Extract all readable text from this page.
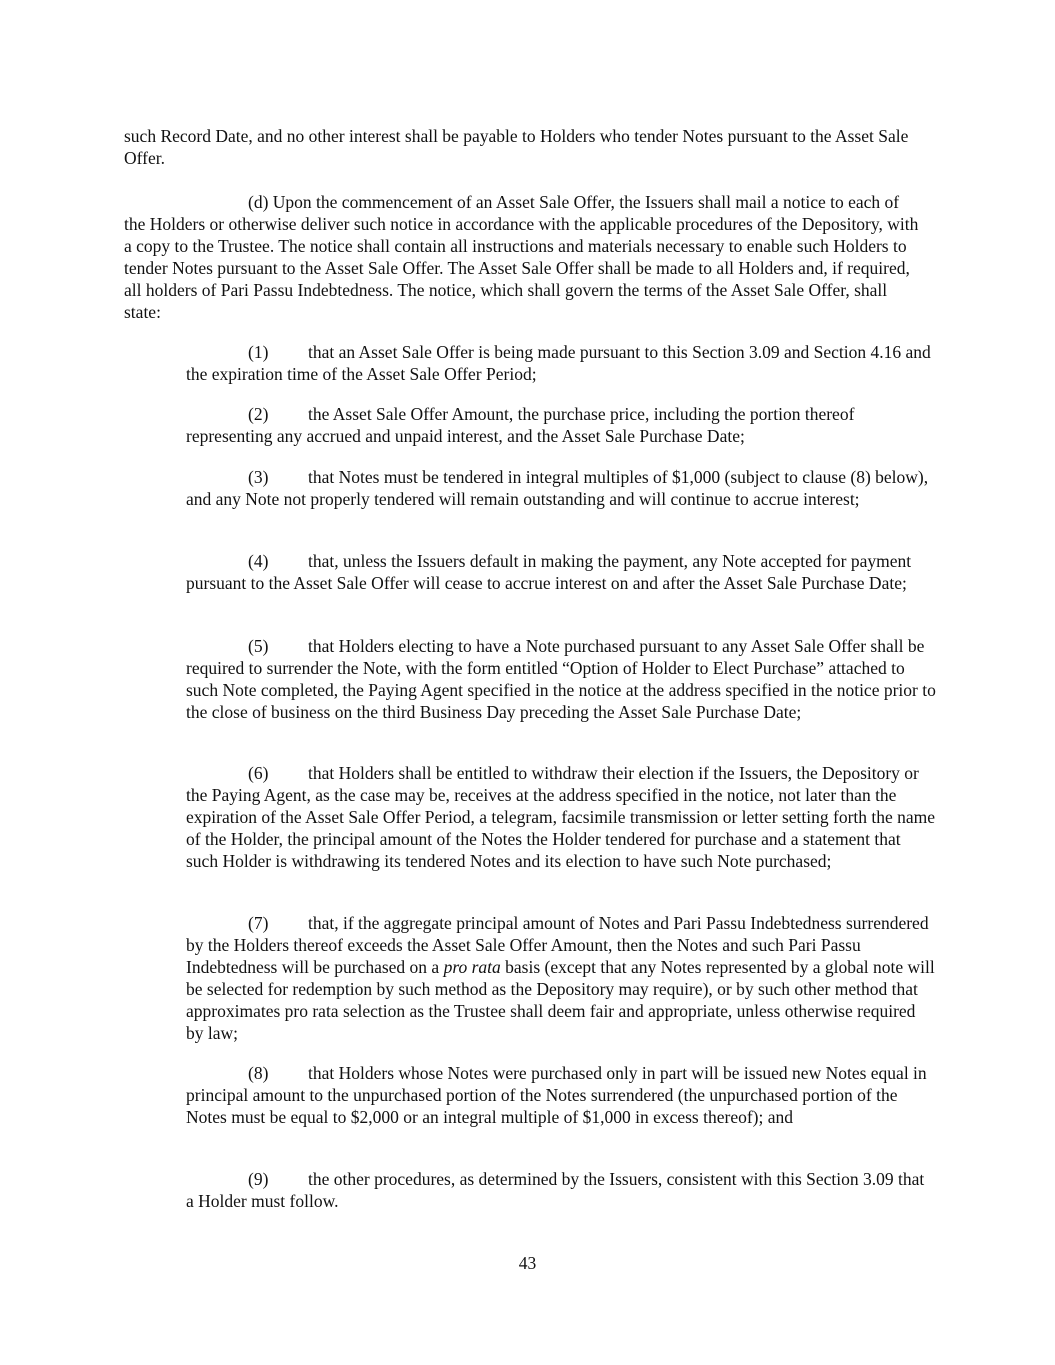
such Record Date, and no other interest shall be payable to Holders who tender Notes pursuant to the Asset Sale Offer.

(d) Upon the commencement of an Asset Sale Offer, the Issuers shall mail a notice to each of the Holders or otherwise deliver such notice in accordance with the applicable procedures of the Depository, with a copy to the Trustee. The notice shall contain all instructions and materials necessary to enable such Holders to tender Notes pursuant to the Asset Sale Offer. The Asset Sale Offer shall be made to all Holders and, if required, all holders of Pari Passu Indebtedness. The notice, which shall govern the terms of the Asset Sale Offer, shall state:

(1) that an Asset Sale Offer is being made pursuant to this Section 3.09 and Section 4.16 and the expiration time of the Asset Sale Offer Period;

(2) the Asset Sale Offer Amount, the purchase price, including the portion thereof representing any accrued and unpaid interest, and the Asset Sale Purchase Date;

(3) that Notes must be tendered in integral multiples of $1,000 (subject to clause (8) below), and any Note not properly tendered will remain outstanding and will continue to accrue interest;

(4) that, unless the Issuers default in making the payment, any Note accepted for payment pursuant to the Asset Sale Offer will cease to accrue interest on and after the Asset Sale Purchase Date;

(5) that Holders electing to have a Note purchased pursuant to any Asset Sale Offer shall be required to surrender the Note, with the form entitled “Option of Holder to Elect Purchase” attached to such Note completed, the Paying Agent specified in the notice at the address specified in the notice prior to the close of business on the third Business Day preceding the Asset Sale Purchase Date;

(6) that Holders shall be entitled to withdraw their election if the Issuers, the Depository or the Paying Agent, as the case may be, receives at the address specified in the notice, not later than the expiration of the Asset Sale Offer Period, a telegram, facsimile transmission or letter setting forth the name of the Holder, the principal amount of the Notes the Holder tendered for purchase and a statement that such Holder is withdrawing its tendered Notes and its election to have such Note purchased;

(7) that, if the aggregate principal amount of Notes and Pari Passu Indebtedness surrendered by the Holders thereof exceeds the Asset Sale Offer Amount, then the Notes and such Pari Passu Indebtedness will be purchased on a pro rata basis (except that any Notes represented by a global note will be selected for redemption by such method as the Depository may require), or by such other method that approximates pro rata selection as the Trustee shall deem fair and appropriate, unless otherwise required by law;

(8) that Holders whose Notes were purchased only in part will be issued new Notes equal in principal amount to the unpurchased portion of the Notes surrendered (the unpurchased portion of the Notes must be equal to $2,000 or an integral multiple of $1,000 in excess thereof); and

(9) the other procedures, as determined by the Issuers, consistent with this Section 3.09 that a Holder must follow.

43
